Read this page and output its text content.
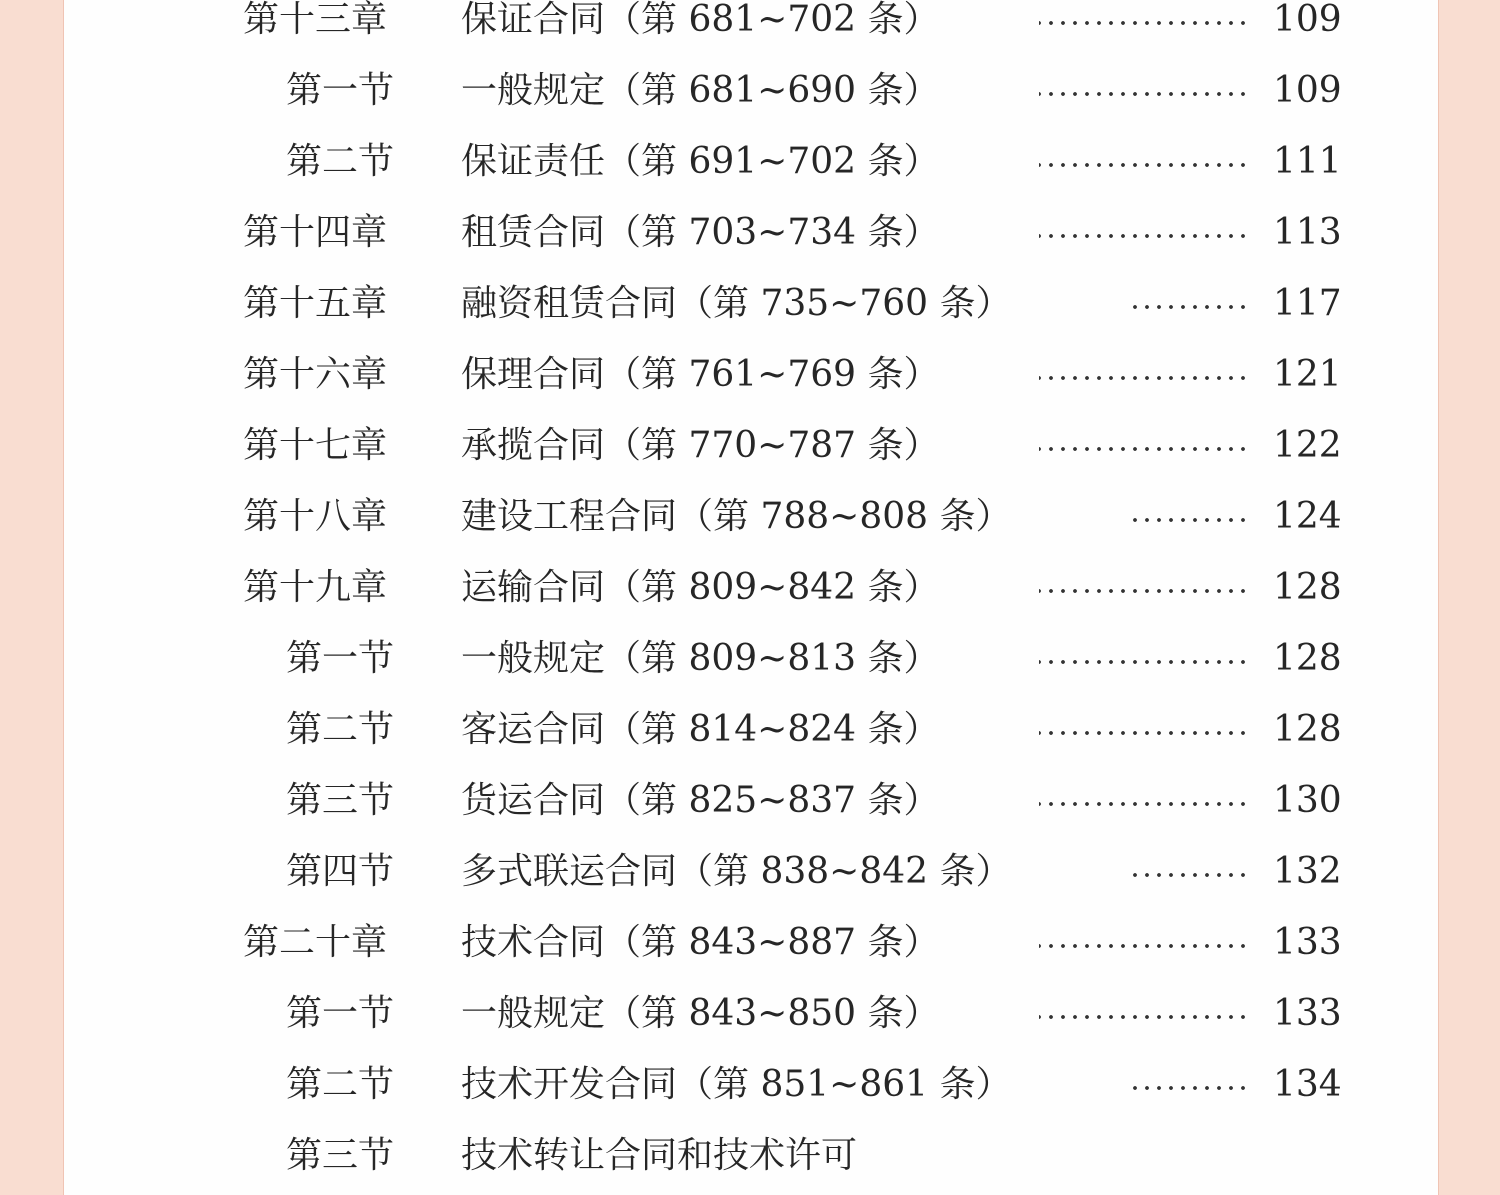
第十三章 保证合同（第 681~702 条）	109
第一节 一般规定（第 681~690 条）	109
第二节 保证责任（第 691~702 条）	111
第十四章 租赁合同（第 703~734 条）	113
第十五章 融资租赁合同（第 735~760 条）	117
第十六章 保理合同（第 761~769 条）	121
第十七章 承揽合同（第 770~787 条）	122
第十八章 建设工程合同（第 788~808 条）	124
第十九章 运输合同（第 809~842 条）	128
第一节 一般规定（第 809~813 条）	128
第二节 客运合同（第 814~824 条）	128
第三节 货运合同（第 825~837 条）	130
第四节 多式联运合同（第 838~842 条）	132
第二十章 技术合同（第 843~887 条）	133
第一节 一般规定（第 843~850 条）	133
第二节 技术开发合同（第 851~861 条）	134
第三节 技术转让合同和技术许可
